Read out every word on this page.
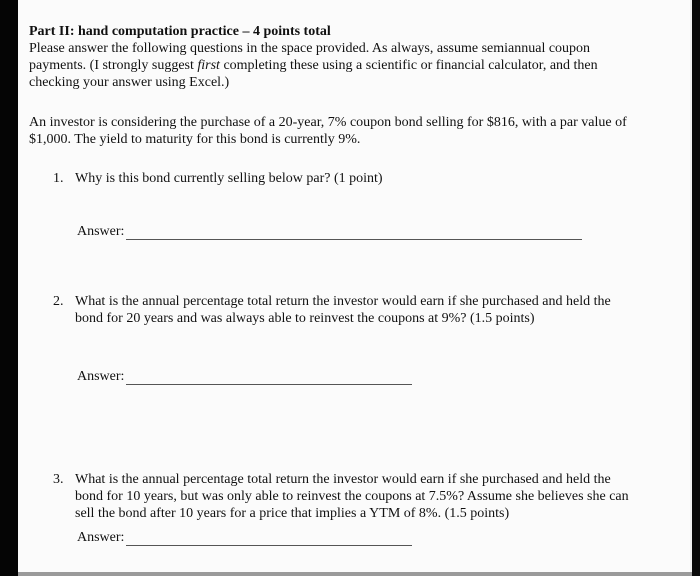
Part II: hand computation practice – 4 points total

Please answer the following questions in the space provided. As always, assume semiannual coupon payments. (I strongly suggest first completing these using a scientific or financial calculator, and then checking your answer using Excel.)

An investor is considering the purchase of a 20-year, 7% coupon bond selling for $816, with a par value of $1,000. The yield to maturity for this bond is currently 9%.

1. Why is this bond currently selling below par? (1 point)
Answer:
2. What is the annual percentage total return the investor would earn if she purchased and held the bond for 20 years and was always able to reinvest the coupons at 9%? (1.5 points)
Answer:
3. What is the annual percentage total return the investor would earn if she purchased and held the bond for 10 years, but was only able to reinvest the coupons at 7.5%? Assume she believes she can sell the bond after 10 years for a price that implies a YTM of 8%. (1.5 points)
Answer:
